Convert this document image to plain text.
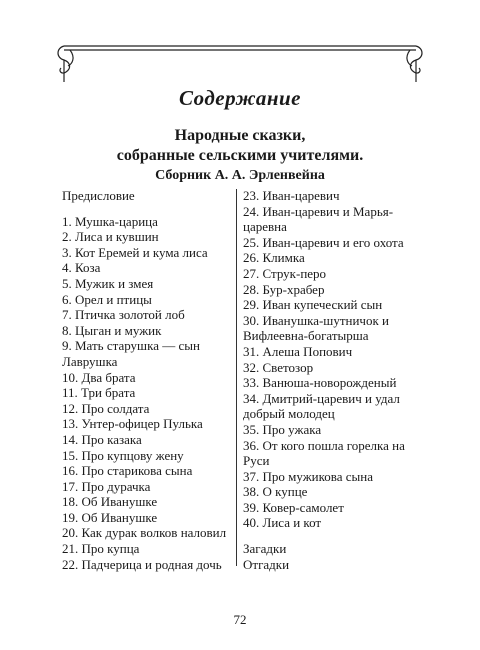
Содержание
Народные сказки,
собранные сельскими учителями.
Сборник А. А. Эрленвейна
Предисловие
1. Мушка-царица
2. Лиса и кувшин
3. Кот Еремей и кума лиса
4. Коза
5. Мужик и змея
6. Орел и птицы
7. Птичка золотой лоб
8. Цыган и мужик
9. Мать старушка — сын
Лаврушка
10. Два брата
11. Три брата
12. Про солдата
13. Унтер-офицер Пулька
14. Про казака
15. Про купцову жену
16. Про старикова сына
17. Про дурачка
18. Об Иванушке
19. Об Иванушке
20. Как дурак волков наловил
21. Про купца
22. Падчерица и родная дочь
23. Иван-царевич
24. Иван-царевич и Марья-
царевна
25. Иван-царевич и его охота
26. Климка
27. Струк-перо
28. Бур-храбер
29. Иван купеческий сын
30. Иванушка-шутничок и
Вифлеевна-богатырша
31. Алеша Попович
32. Светозор
33. Ванюша-новорожденый
34. Дмитрий-царевич и удал
добрый молодец
35. Про ужака
36. От кого пошла горелка на
Руси
37. Про мужикова сына
38. О купце
39. Ковер-самолет
40. Лиса и кот
Загадки
Отгадки
72
